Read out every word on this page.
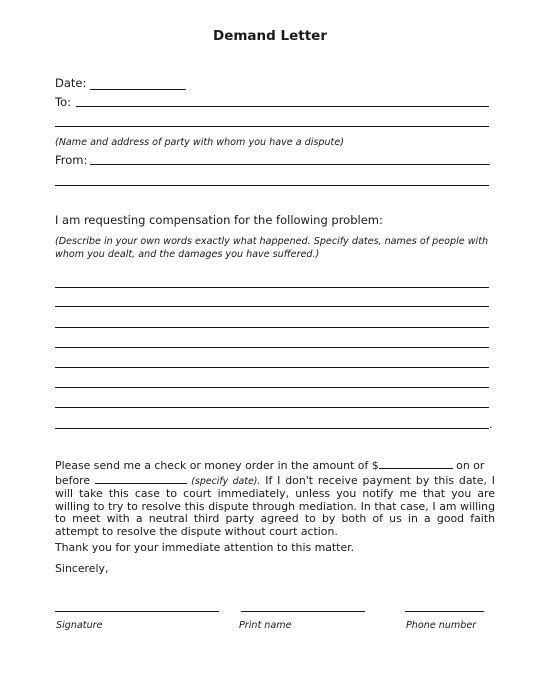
Demand Letter
Date:
To:
(Name and address of party with whom you have a dispute)
From:
I am requesting compensation for the following problem:
(Describe in your own words exactly what happened. Specify dates, names of people with whom you dealt, and the damages you have suffered.)
.
Please send me a check or money order in the amount of $	on or
before	(specify date). If I don't receive payment by this date, I will take this case to court immediately, unless you notify me that you are willing to try to resolve this dispute through mediation. In that case, I am willing to meet with a neutral third party agreed to by both of us in a good faith attempt to resolve the dispute without court action.
Thank you for your immediate attention to this matter.
Sincerely,
Signature	Print name	Phone number
